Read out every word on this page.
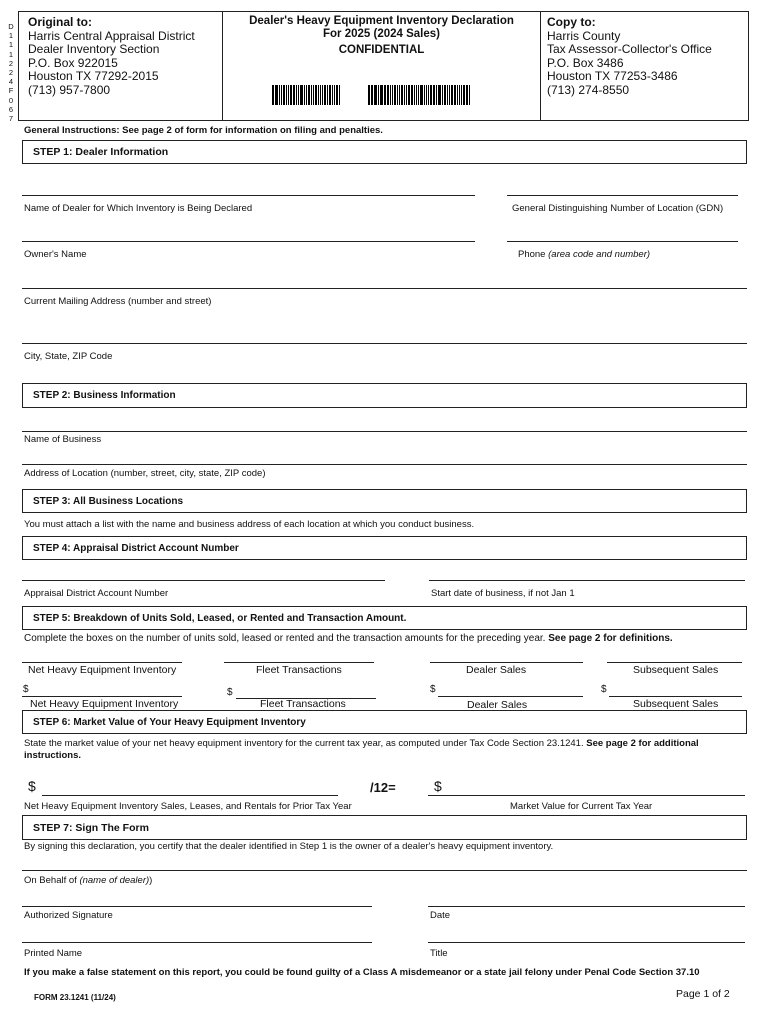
D
1
1
1
2
2
4
F
0
6
7
Original to:
Harris Central Appraisal District
Dealer Inventory Section
P.O. Box 922015
Houston TX 77292-2015
(713) 957-7800
Dealer's Heavy Equipment Inventory Declaration
For 2025 (2024 Sales)
CONFIDENTIAL
Copy to:
Harris County
Tax Assessor-Collector's Office
P.O. Box 3486
Houston TX 77253-3486
(713) 274-8550
General Instructions: See page 2 of form for information on filing and penalties.
STEP 1: Dealer Information
Name of Dealer for Which Inventory is Being Declared	General Distinguishing Number of Location (GDN)
Owner's Name	Phone (area code and number)
Current Mailing Address (number and street)
City, State, ZIP Code
STEP 2: Business Information
Name of Business
Address of Location (number, street, city, state, ZIP code)
STEP 3: All Business Locations
You must attach a list with the name and business address of each location at which you conduct business.
STEP 4: Appraisal District Account Number
Appraisal District Account Number	Start date of business, if not Jan 1
STEP 5: Breakdown of Units Sold, Leased, or Rented and Transaction Amount.
Complete the boxes on the number of units sold, leased or rented and the transaction amounts for the preceding year. See page 2 for definitions.
Net Heavy Equipment Inventory	Fleet Transactions	Dealer Sales	Subsequent Sales
$	$	$	$
Net Heavy Equipment Inventory	Fleet Transactions	Dealer Sales	Subsequent Sales
STEP 6: Market Value of Your Heavy Equipment Inventory
State the market value of your net heavy equipment inventory for the current tax year, as computed under Tax Code Section 23.1241. See page 2 for additional instructions.
$	/12=	$
Net Heavy Equipment Inventory Sales, Leases, and Rentals for Prior Tax Year	Market Value for Current Tax Year
STEP 7: Sign The Form
By signing this declaration, you certify that the dealer identified in Step 1 is the owner of a dealer's heavy equipment inventory.
On Behalf of (name of dealer))
Authorized Signature	Date
Printed Name	Title
If you make a false statement on this report, you could be found guilty of a Class A misdemeanor or a state jail felony under Penal Code Section 37.10
FORM 23.1241 (11/24)	Page 1 of 2
